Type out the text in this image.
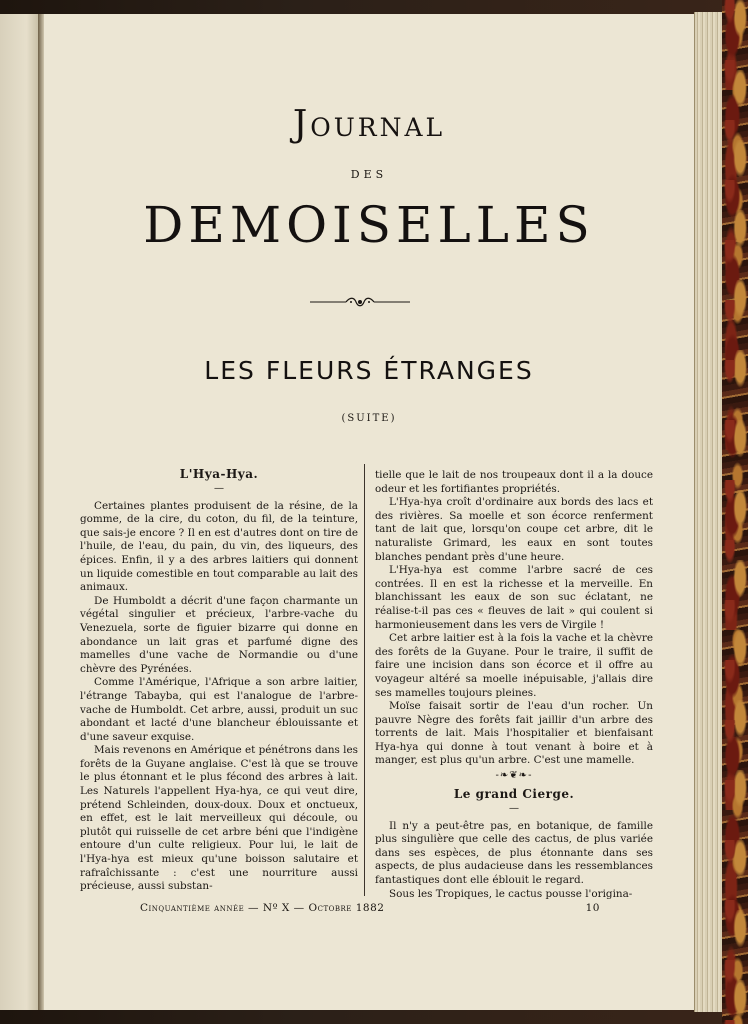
Journal
DES
DEMOISELLES
LES FLEURS ÉTRANGES
(SUITE)
L'Hya-Hya.
—

Certaines plantes produisent de la résine, de la gomme, de la cire, du coton, du fil, de la teinture, que sais-je encore ? Il en est d'autres dont on tire de l'huile, de l'eau, du pain, du vin, des liqueurs, des épices. Enfin, il y a des arbres laitiers qui donnent un liquide comestible en tout comparable au lait des animaux.

De Humboldt a décrit d'une façon charmante un végétal singulier et précieux, l'arbre-vache du Venezuela, sorte de figuier bizarre qui donne en abondance un lait gras et parfumé digne des mamelles d'une vache de Normandie ou d'une chèvre des Pyrénées.

Comme l'Amérique, l'Afrique a son arbre laitier, l'étrange Tabayba, qui est l'analogue de l'arbre-vache de Humboldt. Cet arbre, aussi, produit un suc abondant et lacté d'une blancheur éblouissante et d'une saveur exquise.

Mais revenons en Amérique et pénétrons dans les forêts de la Guyane anglaise. C'est là que se trouve le plus étonnant et le plus fécond des arbres à lait. Les Naturels l'appellent Hya-hya, ce qui veut dire, prétend Schleinden, doux-doux. Doux et onctueux, en effet, est le lait merveilleux qui découle, ou plutôt qui ruisselle de cet arbre béni que l'indigène entoure d'un culte religieux. Pour lui, le lait de l'Hya-hya est mieux qu'une boisson salutaire et rafraîchissante : c'est une nourriture aussi précieuse, aussi substan-

tielle que le lait de nos troupeaux dont il a la douce odeur et les fortifiantes propriétés.

L'Hya-hya croît d'ordinaire aux bords des lacs et des rivières. Sa moelle et son écorce renferment tant de lait que, lorsqu'on coupe cet arbre, dit le naturaliste Grimard, les eaux en sont toutes blanches pendant près d'une heure.

L'Hya-hya est comme l'arbre sacré de ces contrées. Il en est la richesse et la merveille. En blanchissant les eaux de son suc éclatant, ne réalise-t-il pas ces « fleuves de lait » qui coulent si harmonieusement dans les vers de Virgile !

Cet arbre laitier est à la fois la vache et la chèvre des forêts de la Guyane. Pour le traire, il suffit de faire une incision dans son écorce et il offre au voyageur altéré sa moelle inépuisable, j'allais dire ses mamelles toujours pleines.

Moïse faisait sortir de l'eau d'un rocher. Un pauvre Nègre des forêts fait jaillir d'un arbre des torrents de lait. Mais l'hospitalier et bienfaisant Hya-hya qui donne à tout venant à boire et à manger, est plus qu'un arbre. C'est une mamelle.

-❧❦❧-
Le grand Cierge.
—

Il n'y a peut-être pas, en botanique, de famille plus singulière que celle des cactus, de plus variée dans ses espèces, de plus étonnante dans ses aspects, de plus audacieuse dans les ressemblances fantastiques dont elle éblouit le regard.

Sous les Tropiques, le cactus pousse l'origina-

Cinquantième année — Nº X — Octobre 1882	10
